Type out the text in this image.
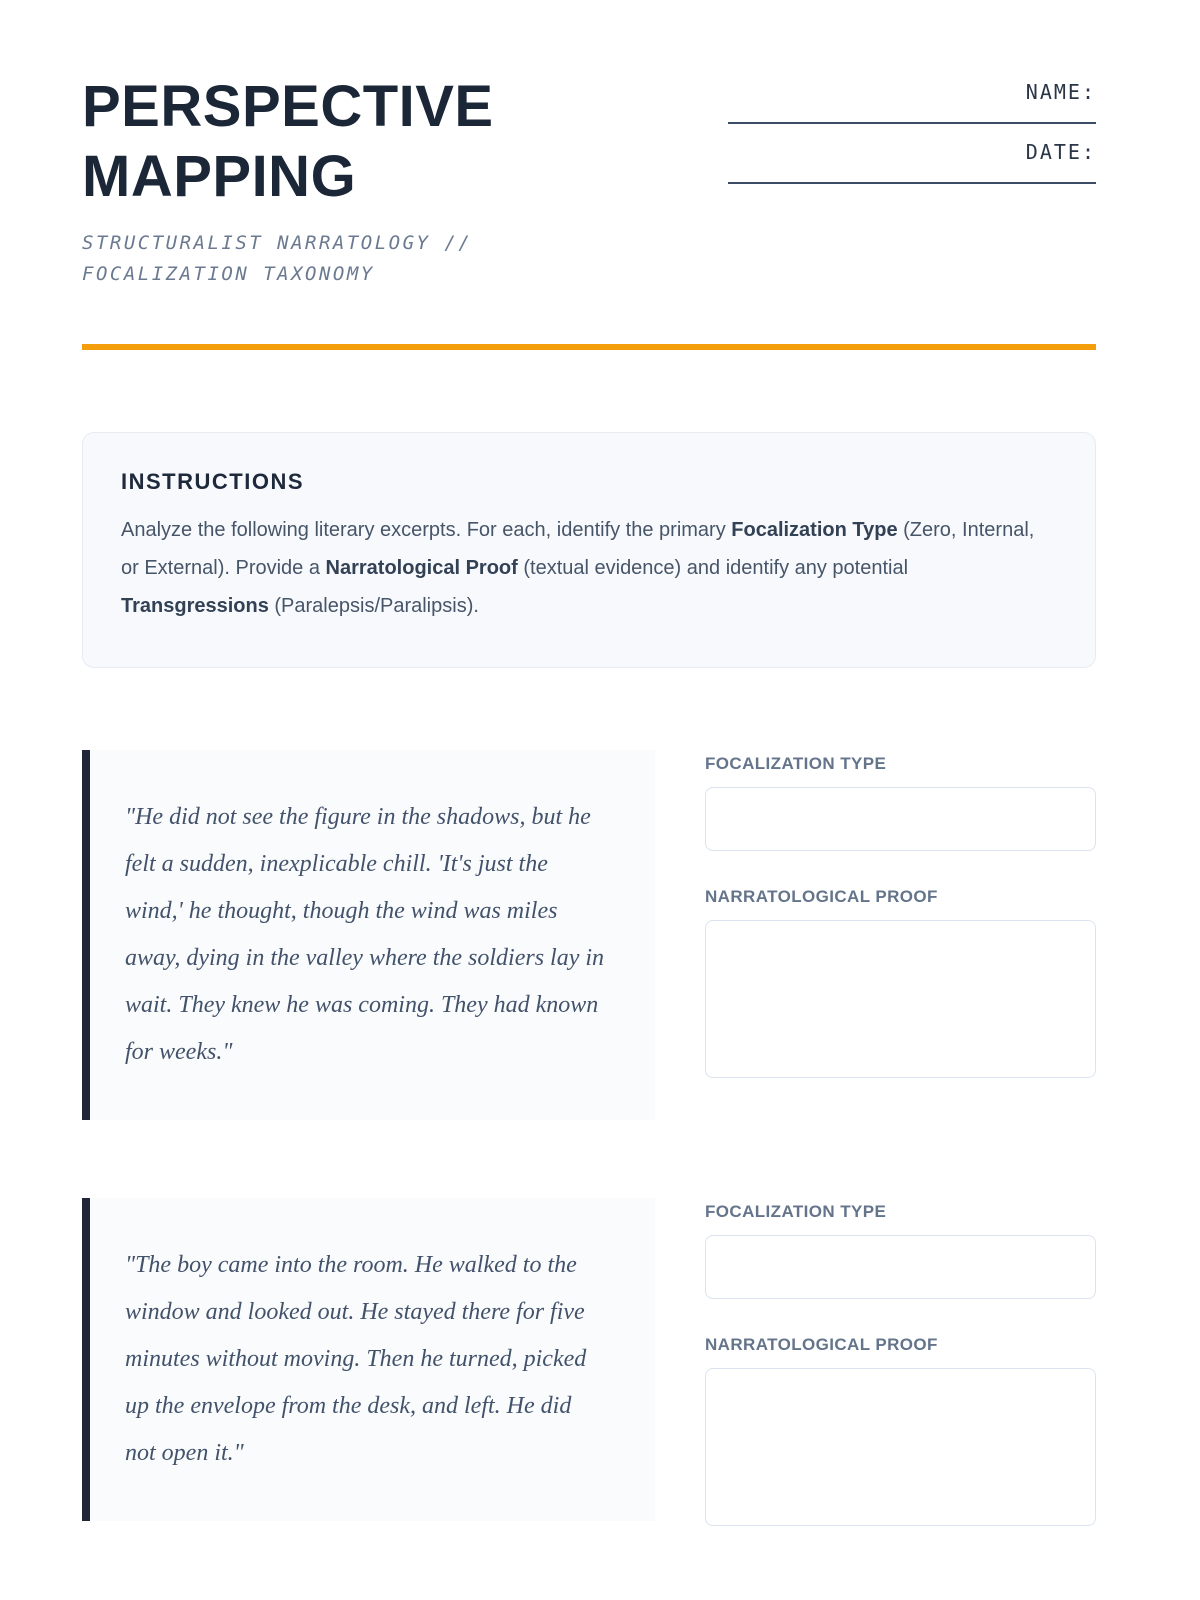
PERSPECTIVE MAPPING
STRUCTURALIST NARRATOLOGY // FOCALIZATION TAXONOMY
NAME:
DATE:
INSTRUCTIONS

Analyze the following literary excerpts. For each, identify the primary Focalization Type (Zero, Internal, or External). Provide a Narratological Proof (textual evidence) and identify any potential Transgressions (Paralepsis/Paralipsis).

"He did not see the figure in the shadows, but he felt a sudden, inexplicable chill. 'It's just the wind,' he thought, though the wind was miles away, dying in the valley where the soldiers lay in wait. They knew he was coming. They had known for weeks."

FOCALIZATION TYPE
NARRATOLOGICAL PROOF

"The boy came into the room. He walked to the window and looked out. He stayed there for five minutes without moving. Then he turned, picked up the envelope from the desk, and left. He did not open it."

FOCALIZATION TYPE
NARRATOLOGICAL PROOF
